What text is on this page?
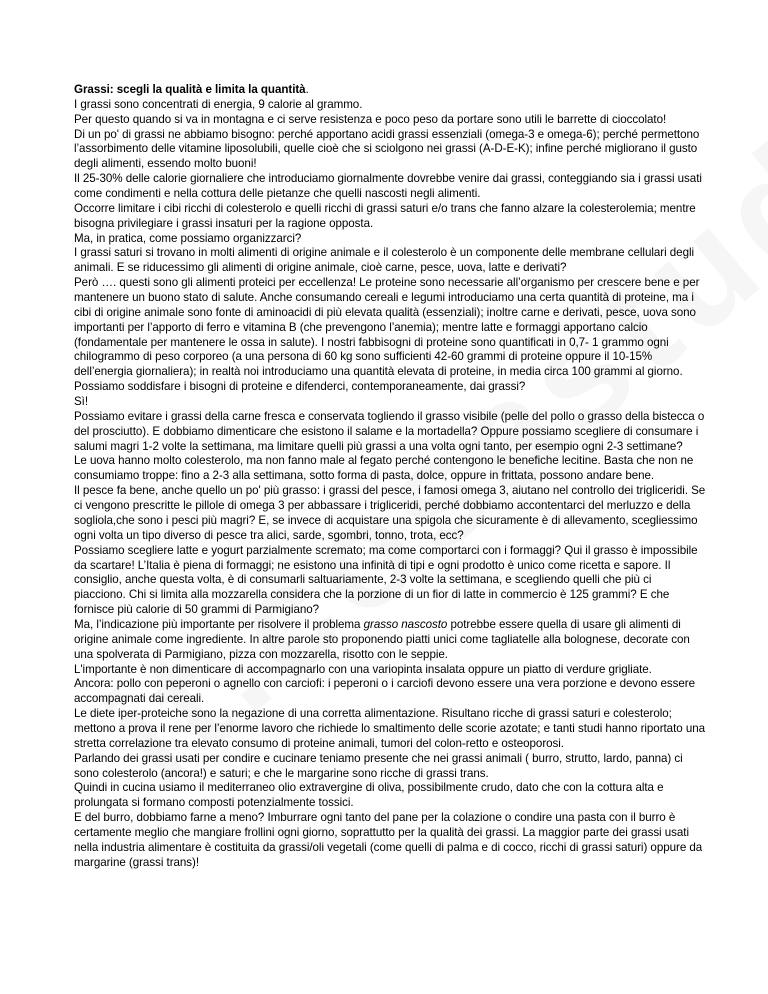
Grassi: scegli la qualità e limita la quantità.

I grassi sono concentrati di energia, 9 calorie al grammo.

Per questo quando si va in montagna e ci serve resistenza e poco peso da portare sono utili le barrette di cioccolato!

Di un po' di grassi ne abbiamo bisogno: perché apportano acidi grassi essenziali (omega-3 e omega-6); perché permettono l’assorbimento delle vitamine liposolubili, quelle cioè che si sciolgono nei grassi (A-D-E-K); infine perché migliorano il gusto degli alimenti, essendo molto buoni!

Il 25-30% delle calorie giornaliere che introduciamo giornalmente dovrebbe venire dai grassi, conteggiando sia i grassi usati come condimenti e nella cottura delle pietanze che quelli nascosti negli alimenti.

Occorre limitare i cibi ricchi di colesterolo e quelli ricchi di grassi saturi e/o trans che fanno alzare la colesterolemia; mentre bisogna privilegiare i grassi insaturi per la ragione opposta.

Ma, in pratica, come possiamo organizzarci?

I grassi saturi si trovano in molti alimenti di origine animale e il colesterolo è un componente delle membrane cellulari degli animali. E se riducessimo gli alimenti di origine animale, cioè carne, pesce, uova, latte e derivati?

Però …. questi sono gli alimenti proteici per eccellenza! Le proteine sono necessarie all’organismo per crescere bene e per mantenere un buono stato di salute. Anche consumando cereali e legumi introduciamo una certa quantità di proteine, ma i cibi di origine animale sono fonte di aminoacidi di più elevata qualità (essenziali); inoltre carne e derivati, pesce, uova sono importanti per l’apporto di ferro e vitamina B (che prevengono l’anemia); mentre latte e formaggi apportano calcio (fondamentale per mantenere le ossa in salute). I nostri fabbisogni di proteine sono quantificati in 0,7- 1 grammo ogni chilogrammo di peso corporeo (a una persona di 60 kg sono sufficienti 42-60 grammi di proteine oppure il 10-15% dell’energia giornaliera); in realtà noi introduciamo una quantità elevata di proteine, in media circa 100 grammi al giorno.

Possiamo soddisfare i bisogni di proteine e difenderci, contemporaneamente, dai grassi?

Sì!

Possiamo evitare i grassi della carne fresca e conservata togliendo il grasso visibile (pelle del pollo o grasso della bistecca o del prosciutto). E dobbiamo dimenticare che esistono il salame e la mortadella? Oppure possiamo scegliere di consumare i salumi magri 1-2 volte la settimana, ma limitare quelli più grassi a una volta ogni tanto, per esempio ogni 2-3 settimane?

Le uova hanno molto colesterolo, ma non fanno male al fegato perché contengono le benefiche lecitine. Basta che non ne consumiamo troppe: fino a 2-3 alla settimana, sotto forma di pasta, dolce, oppure in frittata, possono andare bene.

Il pesce fa bene, anche quello un po' più grasso: i grassi del pesce, i famosi omega 3, aiutano nel controllo dei trigliceridi. Se ci vengono prescritte le pillole di omega 3 per abbassare i trigliceridi, perché dobbiamo accontentarci del merluzzo e della sogliola,che sono i pesci più magri? E, se invece di acquistare una spigola che sicuramente è di allevamento, scegliessimo ogni volta un tipo diverso di pesce tra alici, sarde, sgombri, tonno, trota, ecc?

Possiamo scegliere latte e yogurt parzialmente scremato; ma come comportarci con i formaggi? Qui il grasso è impossibile da scartare! L’Italia è piena di formaggi; ne esistono una infinità di tipi e ogni prodotto è unico come ricetta e sapore. Il consiglio, anche questa volta, è di consumarli saltuariamente, 2-3 volte la settimana, e scegliendo quelli che più ci piacciono. Chi si limita alla mozzarella considera che la porzione di un fior di latte in commercio è 125 grammi? E che fornisce più calorie di 50 grammi di Parmigiano?

Ma, l’indicazione più importante per risolvere il problema grasso nascosto potrebbe essere quella di usare gli alimenti di origine animale come ingrediente. In altre parole sto proponendo piatti unici come tagliatelle alla bolognese, decorate con una spolverata di Parmigiano, pizza con mozzarella, risotto con le seppie.

L'importante è non dimenticare di accompagnarlo con una variopinta insalata oppure un piatto di verdure grigliate.

Ancora: pollo con peperoni o agnello con carciofi: i peperoni o i carciofi devono essere una vera porzione e devono essere accompagnati dai cereali.

Le diete iper-proteiche sono la negazione di una corretta alimentazione. Risultano ricche di grassi saturi e colesterolo; mettono a prova il rene per l’enorme lavoro che richiede lo smaltimento delle scorie azotate; e tanti studi hanno riportato una stretta correlazione tra elevato consumo di proteine animali, tumori del colon-retto e osteoporosi.

Parlando dei grassi usati per condire e cucinare teniamo presente che nei grassi animali ( burro, strutto, lardo, panna) ci sono colesterolo (ancora!) e saturi; e che le margarine sono ricche di grassi trans.

Quindi in cucina usiamo il mediterraneo olio extravergine di oliva, possibilmente crudo, dato che con la cottura alta e prolungata si formano composti potenzialmente tossici.

E del burro, dobbiamo farne a meno? Imburrare ogni tanto del pane per la colazione o condire una pasta con il burro è certamente meglio che mangiare frollini ogni giorno, soprattutto per la qualità dei grassi. La maggior parte dei grassi usati nella industria alimentare è costituita da grassi/oli vegetali (come quelli di palma e di cocco, ricchi di grassi saturi) oppure da margarine (grassi trans)!
